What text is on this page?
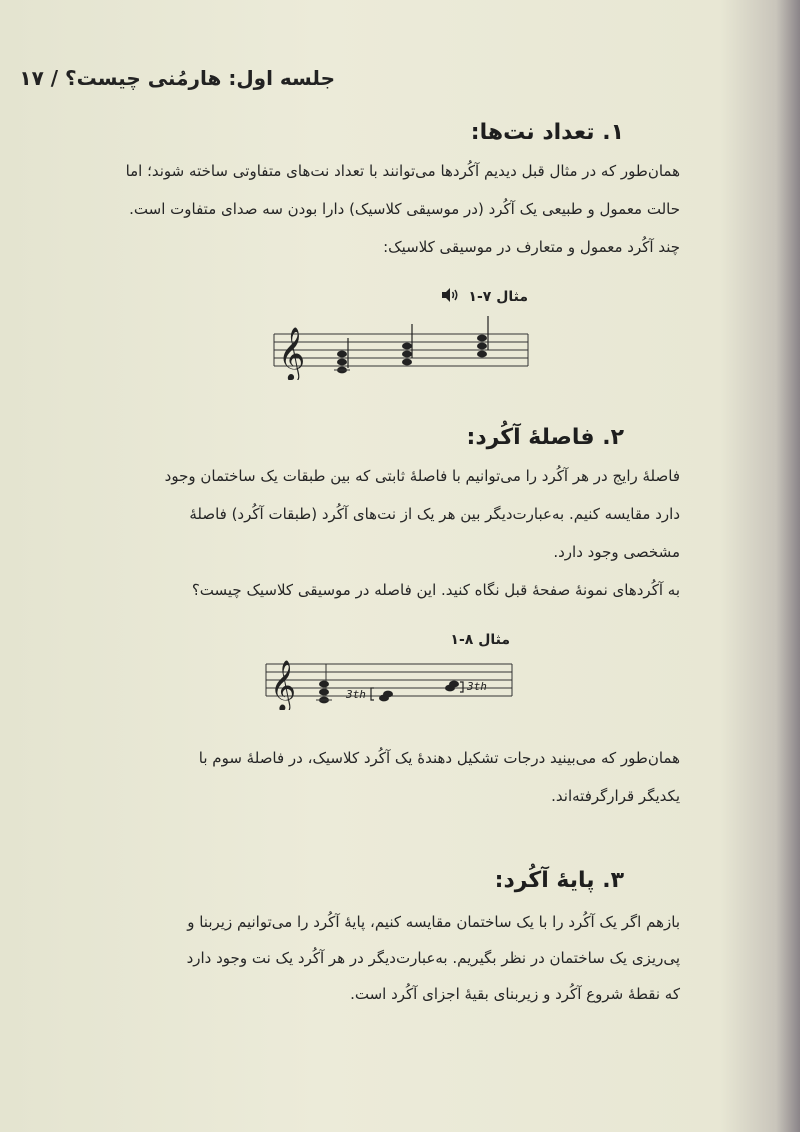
جلسه اول: هارمُنی چیست؟ / ۱۷
۱. تعداد نت‌ها:
همان‌طور که در مثال قبل دیدیم آکُردها می‌توانند با تعداد نت‌های متفاوتی ساخته شوند؛ اما
حالت معمول و طبیعی یک آکُرد (در موسیقی کلاسیک) دارا بودن سه صدای متفاوت است.
چند آکُرد معمول و متعارف در موسیقی کلاسیک:
مثال ۷-۱
𝄞
۲. فاصلهٔ آکُرد:
فاصلهٔ رایج در هر آکُرد را می‌توانیم با فاصلهٔ ثابتی که بین طبقات یک ساختمان وجود
دارد مقایسه کنیم. به‌عبارت‌دیگر بین هر یک از نت‌های آکُرد (طبقات آکُرد) فاصلهٔ
مشخصی وجود دارد.
به آکُردهای نمونهٔ صفحهٔ قبل نگاه کنید. این فاصله در موسیقی کلاسیک چیست؟
مثال ۸-۱
𝄞	3th
3th
همان‌طور که می‌بینید درجات تشکیل دهندهٔ یک آکُرد کلاسیک، در فاصلهٔ سوم با
یکدیگر قرارگرفته‌اند.
۳. پایهٔ آکُرد:
بازهم اگر یک آکُرد را با یک ساختمان مقایسه کنیم، پایهٔ آکُرد را می‌توانیم زیربنا و
پی‌ریزی یک ساختمان در نظر بگیریم. به‌عبارت‌دیگر در هر آکُرد یک نت وجود دارد
که نقطهٔ شروع آکُرد و زیربنای بقیهٔ اجزای آکُرد است.
